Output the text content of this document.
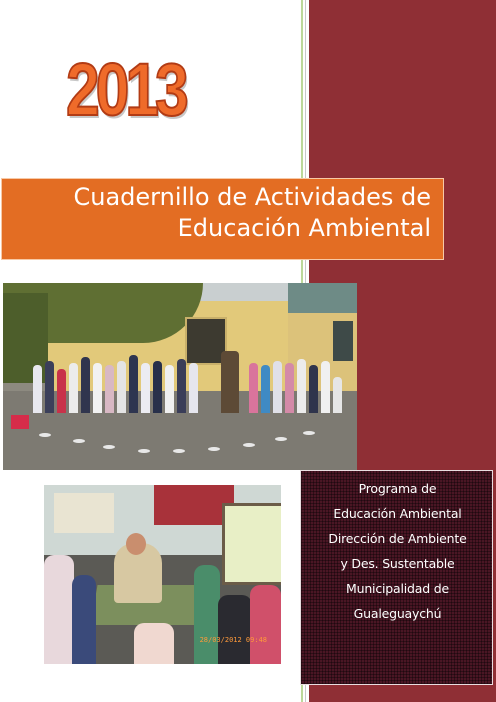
2013
Cuadernillo de Actividades de
Educación Ambiental
28/03/2012 09:48
Programa de
Educación Ambiental
Dirección de Ambiente
y Des. Sustentable
Municipalidad de
Gualeguaychú
